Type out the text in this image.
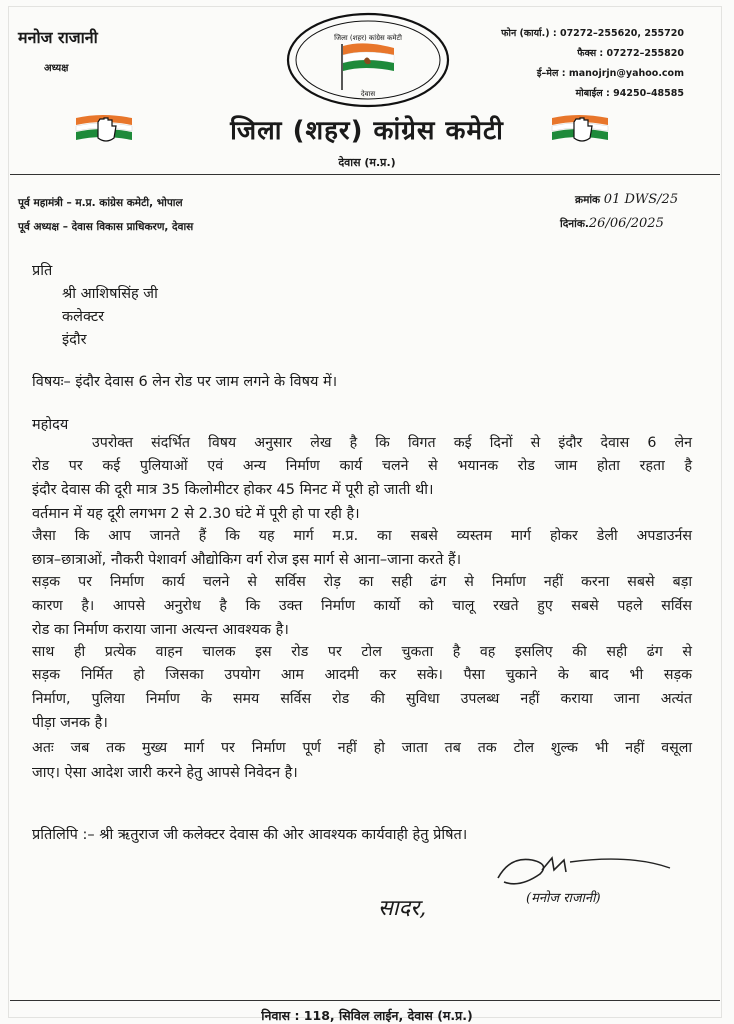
मनोज राजानी
अध्यक्ष
फोन (कार्या.) : 07272–255620, 255720
फैक्स : 07272–255820
ई–मेल : manojrjn@yahoo.com
मोबाईल : 94250–48585
जिला (शहर) कांग्रेस कमेटी
देवास
जिला (शहर) कांग्रेस कमेटी
देवास (म.प्र.)
पूर्व महामंत्री – म.प्र. कांग्रेस कमेटी, भोपाल
पूर्व अध्यक्ष – देवास विकास प्राधिकरण, देवास
क्रमांक 01 DWS/25
दिनांक.26/06/2025
प्रति
श्री आशिषसिंह जी
कलेक्टर
इंदौर
विषयः– इंदौर देवास 6 लेन रोड पर जाम लगने के विषय में।
महोदय
उपरोक्त संदर्भित विषय अनुसार लेख है कि विगत कई दिनों से इंदौर देवास 6 लेन
रोड पर कई पुलियाओं एवं अन्य निर्माण कार्य चलने से भयानक रोड जाम होता रहता है
इंदौर देवास की दूरी मात्र 35 किलोमीटर होकर 45 मिनट में पूरी हो जाती थी।
वर्तमान में यह दूरी लगभग 2 से 2.30 घंटे में पूरी हो पा रही है।
जैसा कि आप जानते हैं कि यह मार्ग म.प्र. का सबसे व्यस्तम मार्ग होकर डेली अपडाउर्नस
छात्र–छात्राओं, नौकरी पेशावर्ग औद्योकिग वर्ग रोज इस मार्ग से आना–जाना करते हैं।
सड़क पर निर्माण कार्य चलने से सर्विस रोड़ का सही ढंग से निर्माण नहीं करना सबसे बड़ा
कारण है। आपसे अनुरोध है कि उक्त निर्माण कार्यो को चालू रखते हुए सबसे पहले सर्विस
रोड का निर्माण कराया जाना अत्यन्त आवश्यक है।
साथ ही प्रत्येक वाहन चालक इस रोड पर टोल चुकता है वह इसलिए की सही ढंग से
सड़क निर्मित हो जिसका उपयोग आम आदमी कर सके। पैसा चुकाने के बाद भी सड़क
निर्माण, पुलिया निर्माण के समय सर्विस रोड की सुविधा उपलब्ध नहीं कराया जाना अत्यंत
पीड़ा जनक है।
अतः जब तक मुख्य मार्ग पर निर्माण पूर्ण नहीं हो जाता तब तक टोल शुल्क भी नहीं वसूला
जाए। ऐसा आदेश जारी करने हेतु आपसे निवेदन है।
प्रतिलिपि :– श्री ऋतुराज जी कलेक्टर देवास की ओर आवश्यक कार्यवाही हेतु प्रेषित।
सादर,	(मनोज राजानी)
निवास : 118, सिविल लाईन, देवास (म.प्र.)
